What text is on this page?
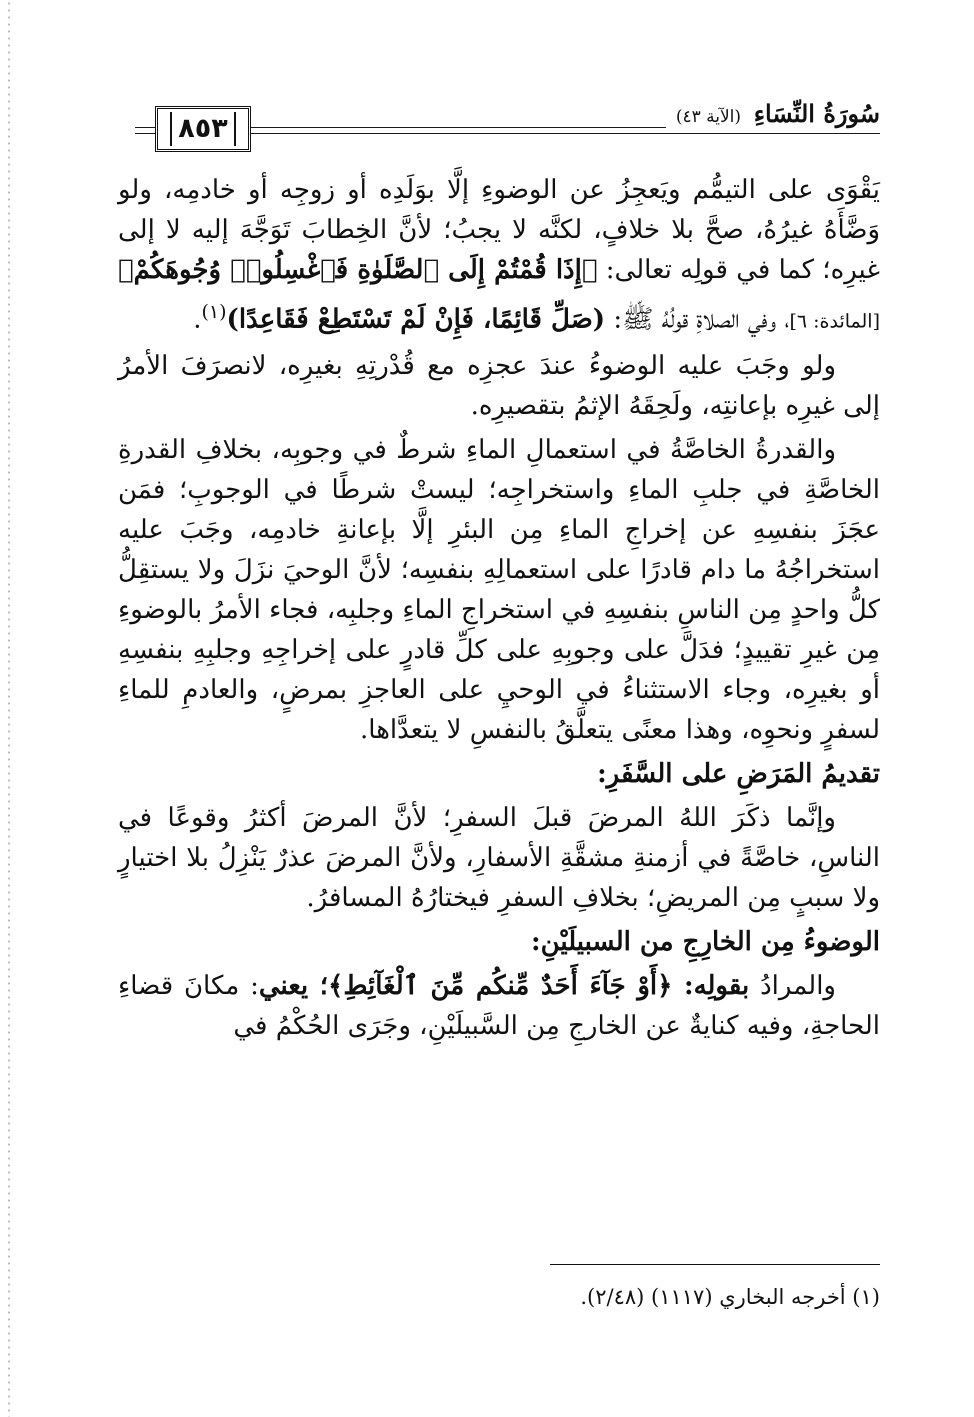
٨٥٣	سُورَةُ النِّسَاءِ (الآية ٤٣)

يَقْوَى على التيمُّم ويَعجِزُ عن الوضوءِ إلَّا بوَلَدِه أو زوجِه أو خادمِه، ولو وَضَّأَهُ غيرُهُ، صحَّ بلا خلافٍ، لكنَّه لا يجبُ؛ لأنَّ الخِطابَ تَوَجَّهَ إليه لا إلى غيرِه؛ كما في قولِه تعالى: ﴿إِذَا قُمْتُمْ إِلَى ٱلصَّلَوٰةِ فَٱغْسِلُوا۟ وُجُوهَكُمْ﴾ [المائدة: ٦]، وفي الصلاةِ قولُهُ ﷺ: (صَلِّ قَائِمًا، فَإِنْ لَمْ تَسْتَطِعْ فَقَاعِدًا)$^{(١)}$.

ولو وجَبَ عليه الوضوءُ عندَ عجزِه مع قُدْرتِهِ بغيرِه، لانصرَفَ الأمرُ إلى غيرِه بإعانتِه، ولَحِقَهُ الإثمُ بتقصيرِه.

والقدرةُ الخاصَّةُ في استعمالِ الماءِ شرطٌ في وجوبِه، بخلافِ القدرةِ الخاصَّةِ في جلبِ الماءِ واستخراجِه؛ ليستْ شرطًا في الوجوبِ؛ فمَن عجَزَ بنفسِهِ عن إخراجِ الماءِ مِن البئرِ إلَّا بإعانةِ خادمِه، وجَبَ عليه استخراجُهُ ما دام قادرًا على استعمالِهِ بنفسِه؛ لأنَّ الوحيَ نزَلَ ولا يستقِلُّ كلُّ واحدٍ مِن الناسِ بنفسِهِ في استخراجِ الماءِ وجلبِه، فجاء الأمرُ بالوضوءِ مِن غيرِ تقييدٍ؛ فدَلَّ على وجوبِهِ على كلِّ قادرٍ على إخراجِهِ وجلبِهِ بنفسِهِ أو بغيرِه، وجاء الاستثناءُ في الوحيِ على العاجزِ بمرضٍ، والعادمِ للماءِ لسفرٍ ونحوِه، وهذا معنًى يتعلَّقُ بالنفسِ لا يتعدَّاها.

تقديمُ المَرَضِ على السَّفَرِ:

وإنَّما ذكَرَ اللهُ المرضَ قبلَ السفرِ؛ لأنَّ المرضَ أكثرُ وقوعًا في الناسِ، خاصَّةً في أزمنةِ مشقَّةِ الأسفارِ، ولأنَّ المرضَ عذرٌ يَنْزِلُ بلا اختيارٍ ولا سببٍ مِن المريضِ؛ بخلافِ السفرِ فيختارُهُ المسافرُ.

الوضوءُ مِن الخارِجِ من السبيلَيْنِ:

والمرادُ بقولِه: ﴿أَوْ جَآءَ أَحَدٌ مِّنكُم مِّنَ ٱلْغَآئِطِ﴾؛ يعني: مكانَ قضاءِ الحاجةِ، وفيه كنايةٌ عن الخارجِ مِن السَّبيلَيْنِ، وجَرَى الحُكْمُ في

(١) أخرجه البخاري (١١١٧) (٢/٤٨).
